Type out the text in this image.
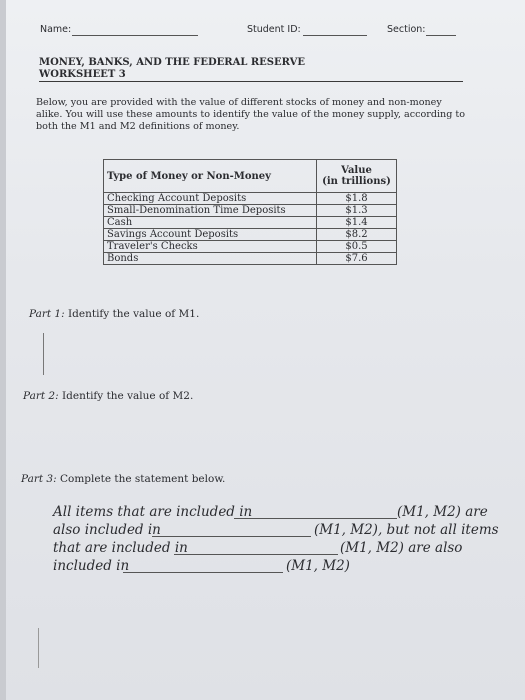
Name:	Student ID:	Section:
MONEY, BANKS, AND THE FEDERAL RESERVE
WORKSHEET 3
Below, you are provided with the value of different stocks of money and non-money alike. You will use these amounts to identify the value of the money supply, according to both the M1 and M2 definitions of money.
Type of Money or Non-Money	Value
(in trillions)

Checking Account Deposits	$1.8
Small-Denomination Time Deposits	$1.3
Cash	$1.4
Savings Account Deposits	$8.2
Traveler's Checks	$0.5
Bonds	$7.6
Part 1: Identify the value of M1.
Part 2: Identify the value of M2.
Part 3: Complete the statement below.
All items that are included in	(M1, M2) are
also included in	(M1, M2), but not all items
that are included in	(M1, M2) are also
included in	(M1, M2)
